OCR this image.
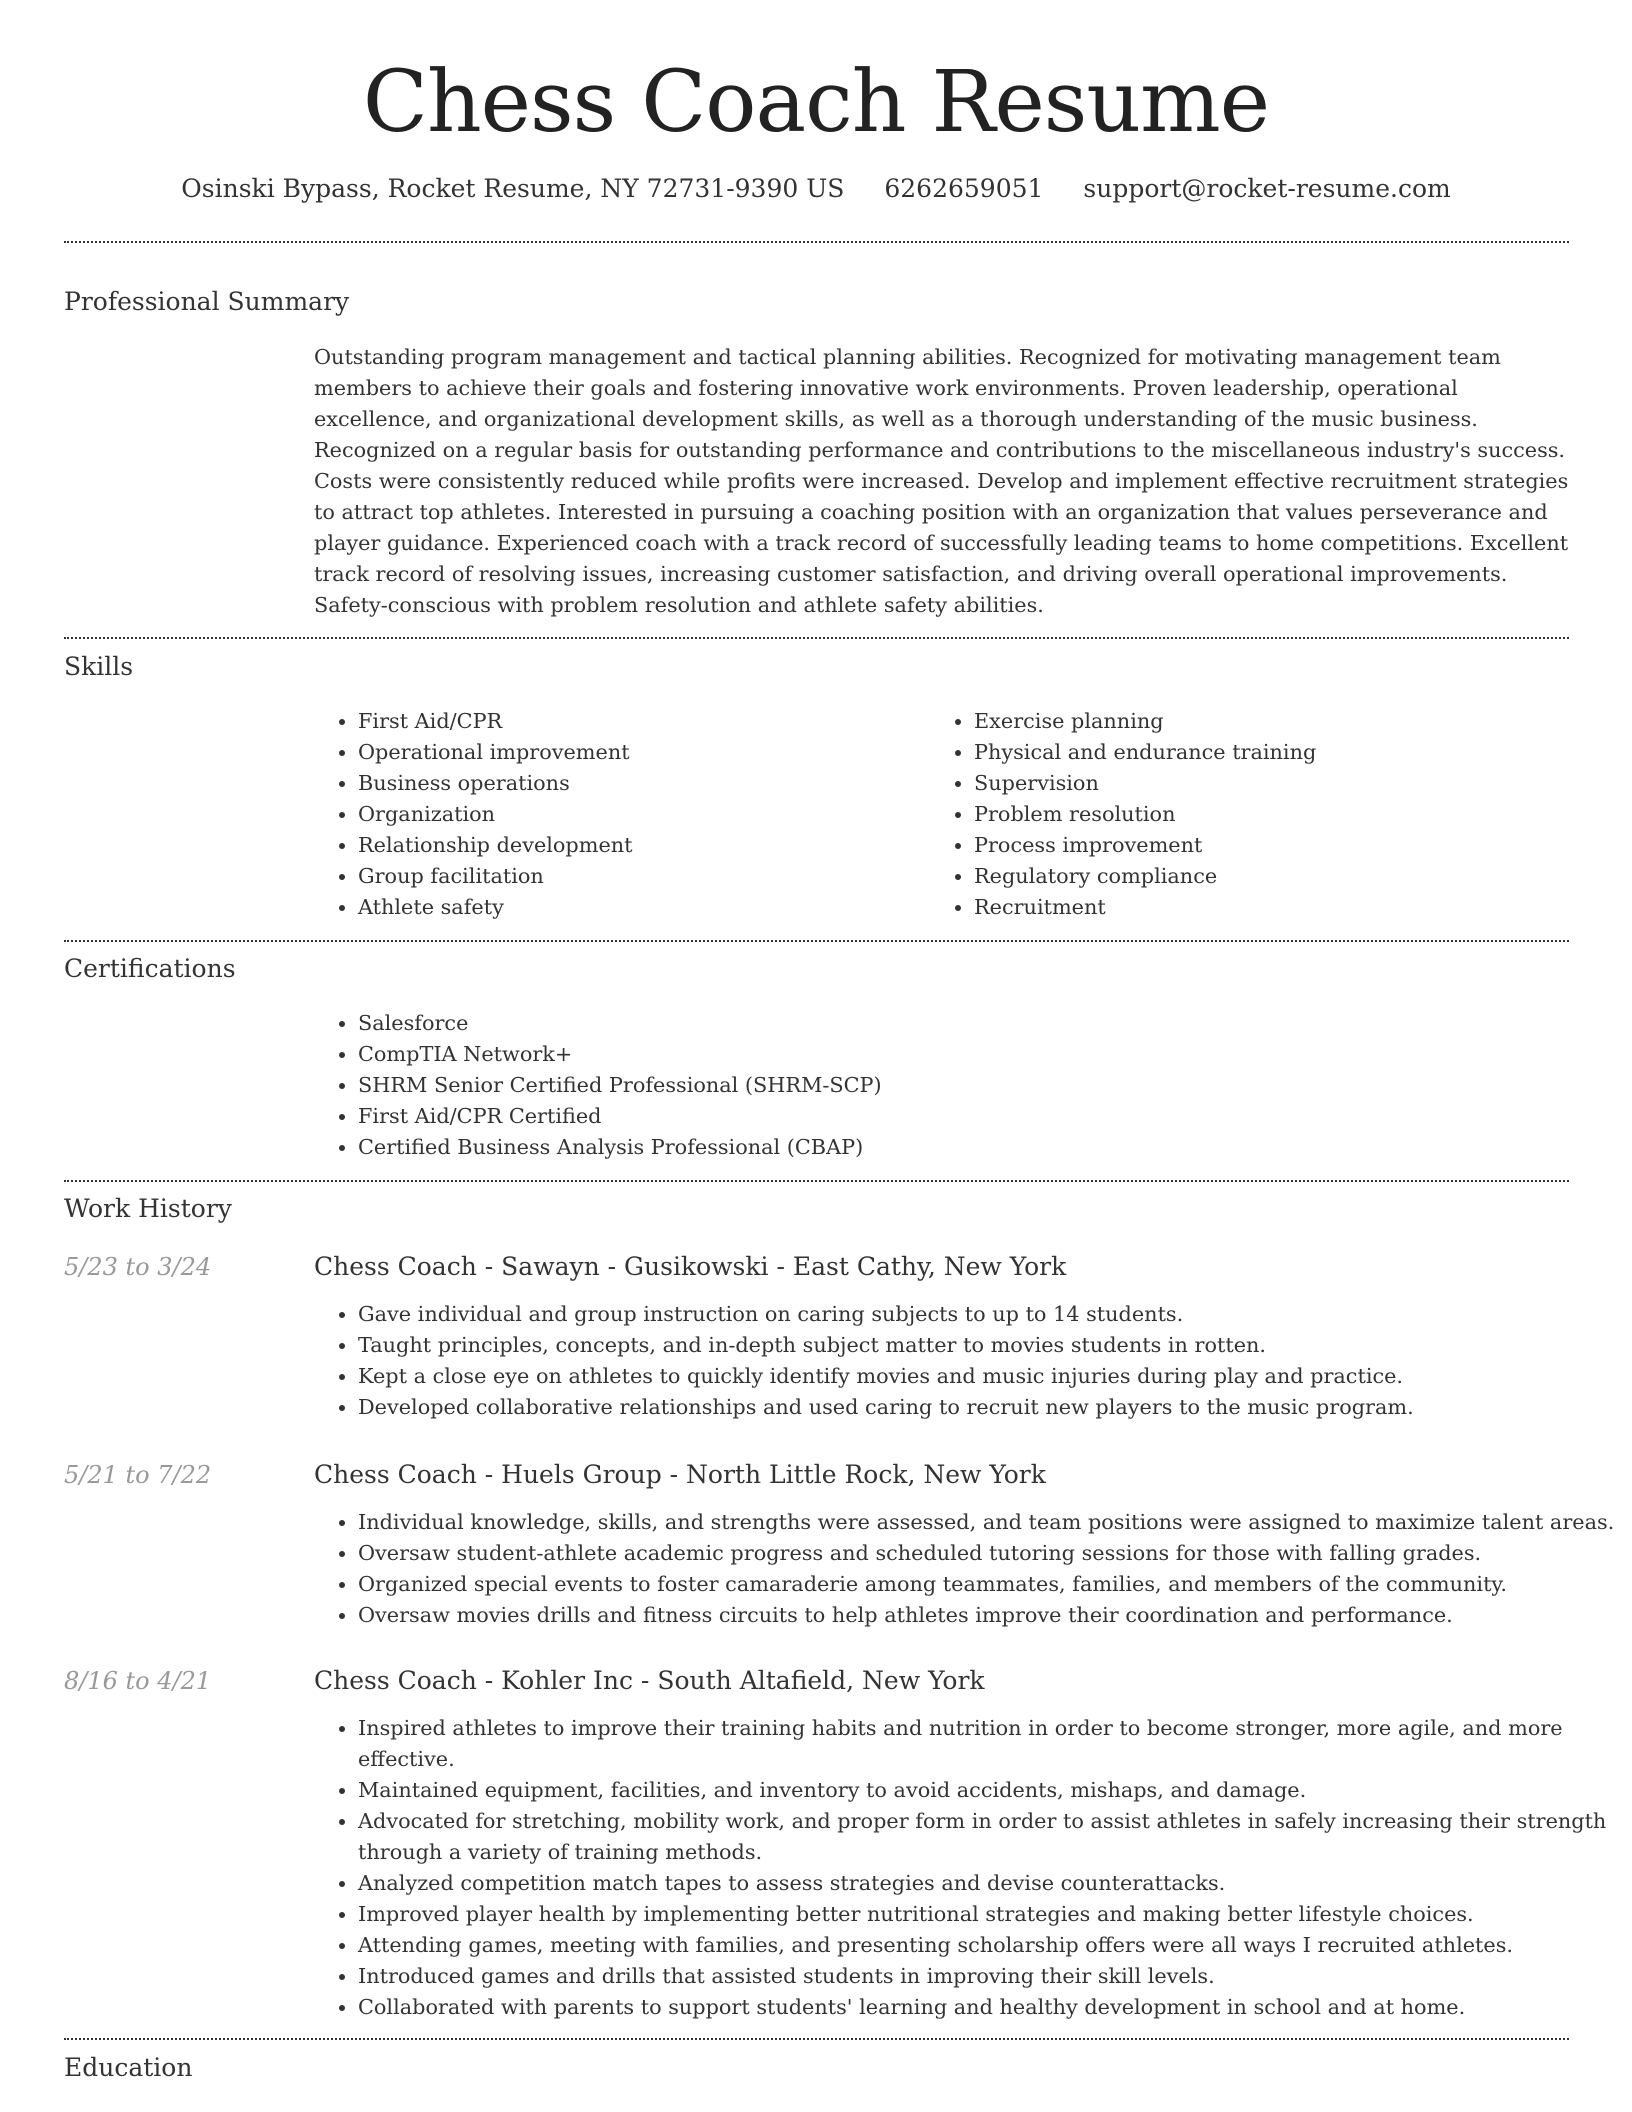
Chess Coach Resume
Osinski Bypass, Rocket Resume, NY 72731-9390 US 6262659051 support@rocket-resume.com
Professional Summary

Outstanding program management and tactical planning abilities. Recognized for motivating management team members to achieve their goals and fostering innovative work environments. Proven leadership, operational excellence, and organizational development skills, as well as a thorough understanding of the music business. Recognized on a regular basis for outstanding performance and contributions to the miscellaneous industry's success. Costs were consistently reduced while profits were increased. Develop and implement effective recruitment strategies to attract top athletes. Interested in pursuing a coaching position with an organization that values perseverance and player guidance. Experienced coach with a track record of successfully leading teams to home competitions. Excellent track record of resolving issues, increasing customer satisfaction, and driving overall operational improvements. Safety-conscious with problem resolution and athlete safety abilities.

Skills
• First Aid/CPR
• Operational improvement
• Business operations
• Organization
• Relationship development
• Group facilitation
• Athlete safety
• Exercise planning
• Physical and endurance training
• Supervision
• Problem resolution
• Process improvement
• Regulatory compliance
• Recruitment
Certifications
• Salesforce
• CompTIA Network+
• SHRM Senior Certified Professional (SHRM-SCP)
• First Aid/CPR Certified
• Certified Business Analysis Professional (CBAP)
Work History
5/23 to 3/24	Chess Coach - Sawayn - Gusikowski - East Cathy, New York
• Gave individual and group instruction on caring subjects to up to 14 students.
• Taught principles, concepts, and in-depth subject matter to movies students in rotten.
• Kept a close eye on athletes to quickly identify movies and music injuries during play and practice.
• Developed collaborative relationships and used caring to recruit new players to the music program.
5/21 to 7/22	Chess Coach - Huels Group - North Little Rock, New York
• Individual knowledge, skills, and strengths were assessed, and team positions were assigned to maximize talent areas.
• Oversaw student-athlete academic progress and scheduled tutoring sessions for those with falling grades.
• Organized special events to foster camaraderie among teammates, families, and members of the community.
• Oversaw movies drills and fitness circuits to help athletes improve their coordination and performance.
8/16 to 4/21	Chess Coach - Kohler Inc - South Altafield, New York
• Inspired athletes to improve their training habits and nutrition in order to become stronger, more agile, and more effective.
• Maintained equipment, facilities, and inventory to avoid accidents, mishaps, and damage.
• Advocated for stretching, mobility work, and proper form in order to assist athletes in safely increasing their strength through a variety of training methods.
• Analyzed competition match tapes to assess strategies and devise counterattacks.
• Improved player health by implementing better nutritional strategies and making better lifestyle choices.
• Attending games, meeting with families, and presenting scholarship offers were all ways I recruited athletes.
• Introduced games and drills that assisted students in improving their skill levels.
• Collaborated with parents to support students' learning and healthy development in school and at home.
Education
